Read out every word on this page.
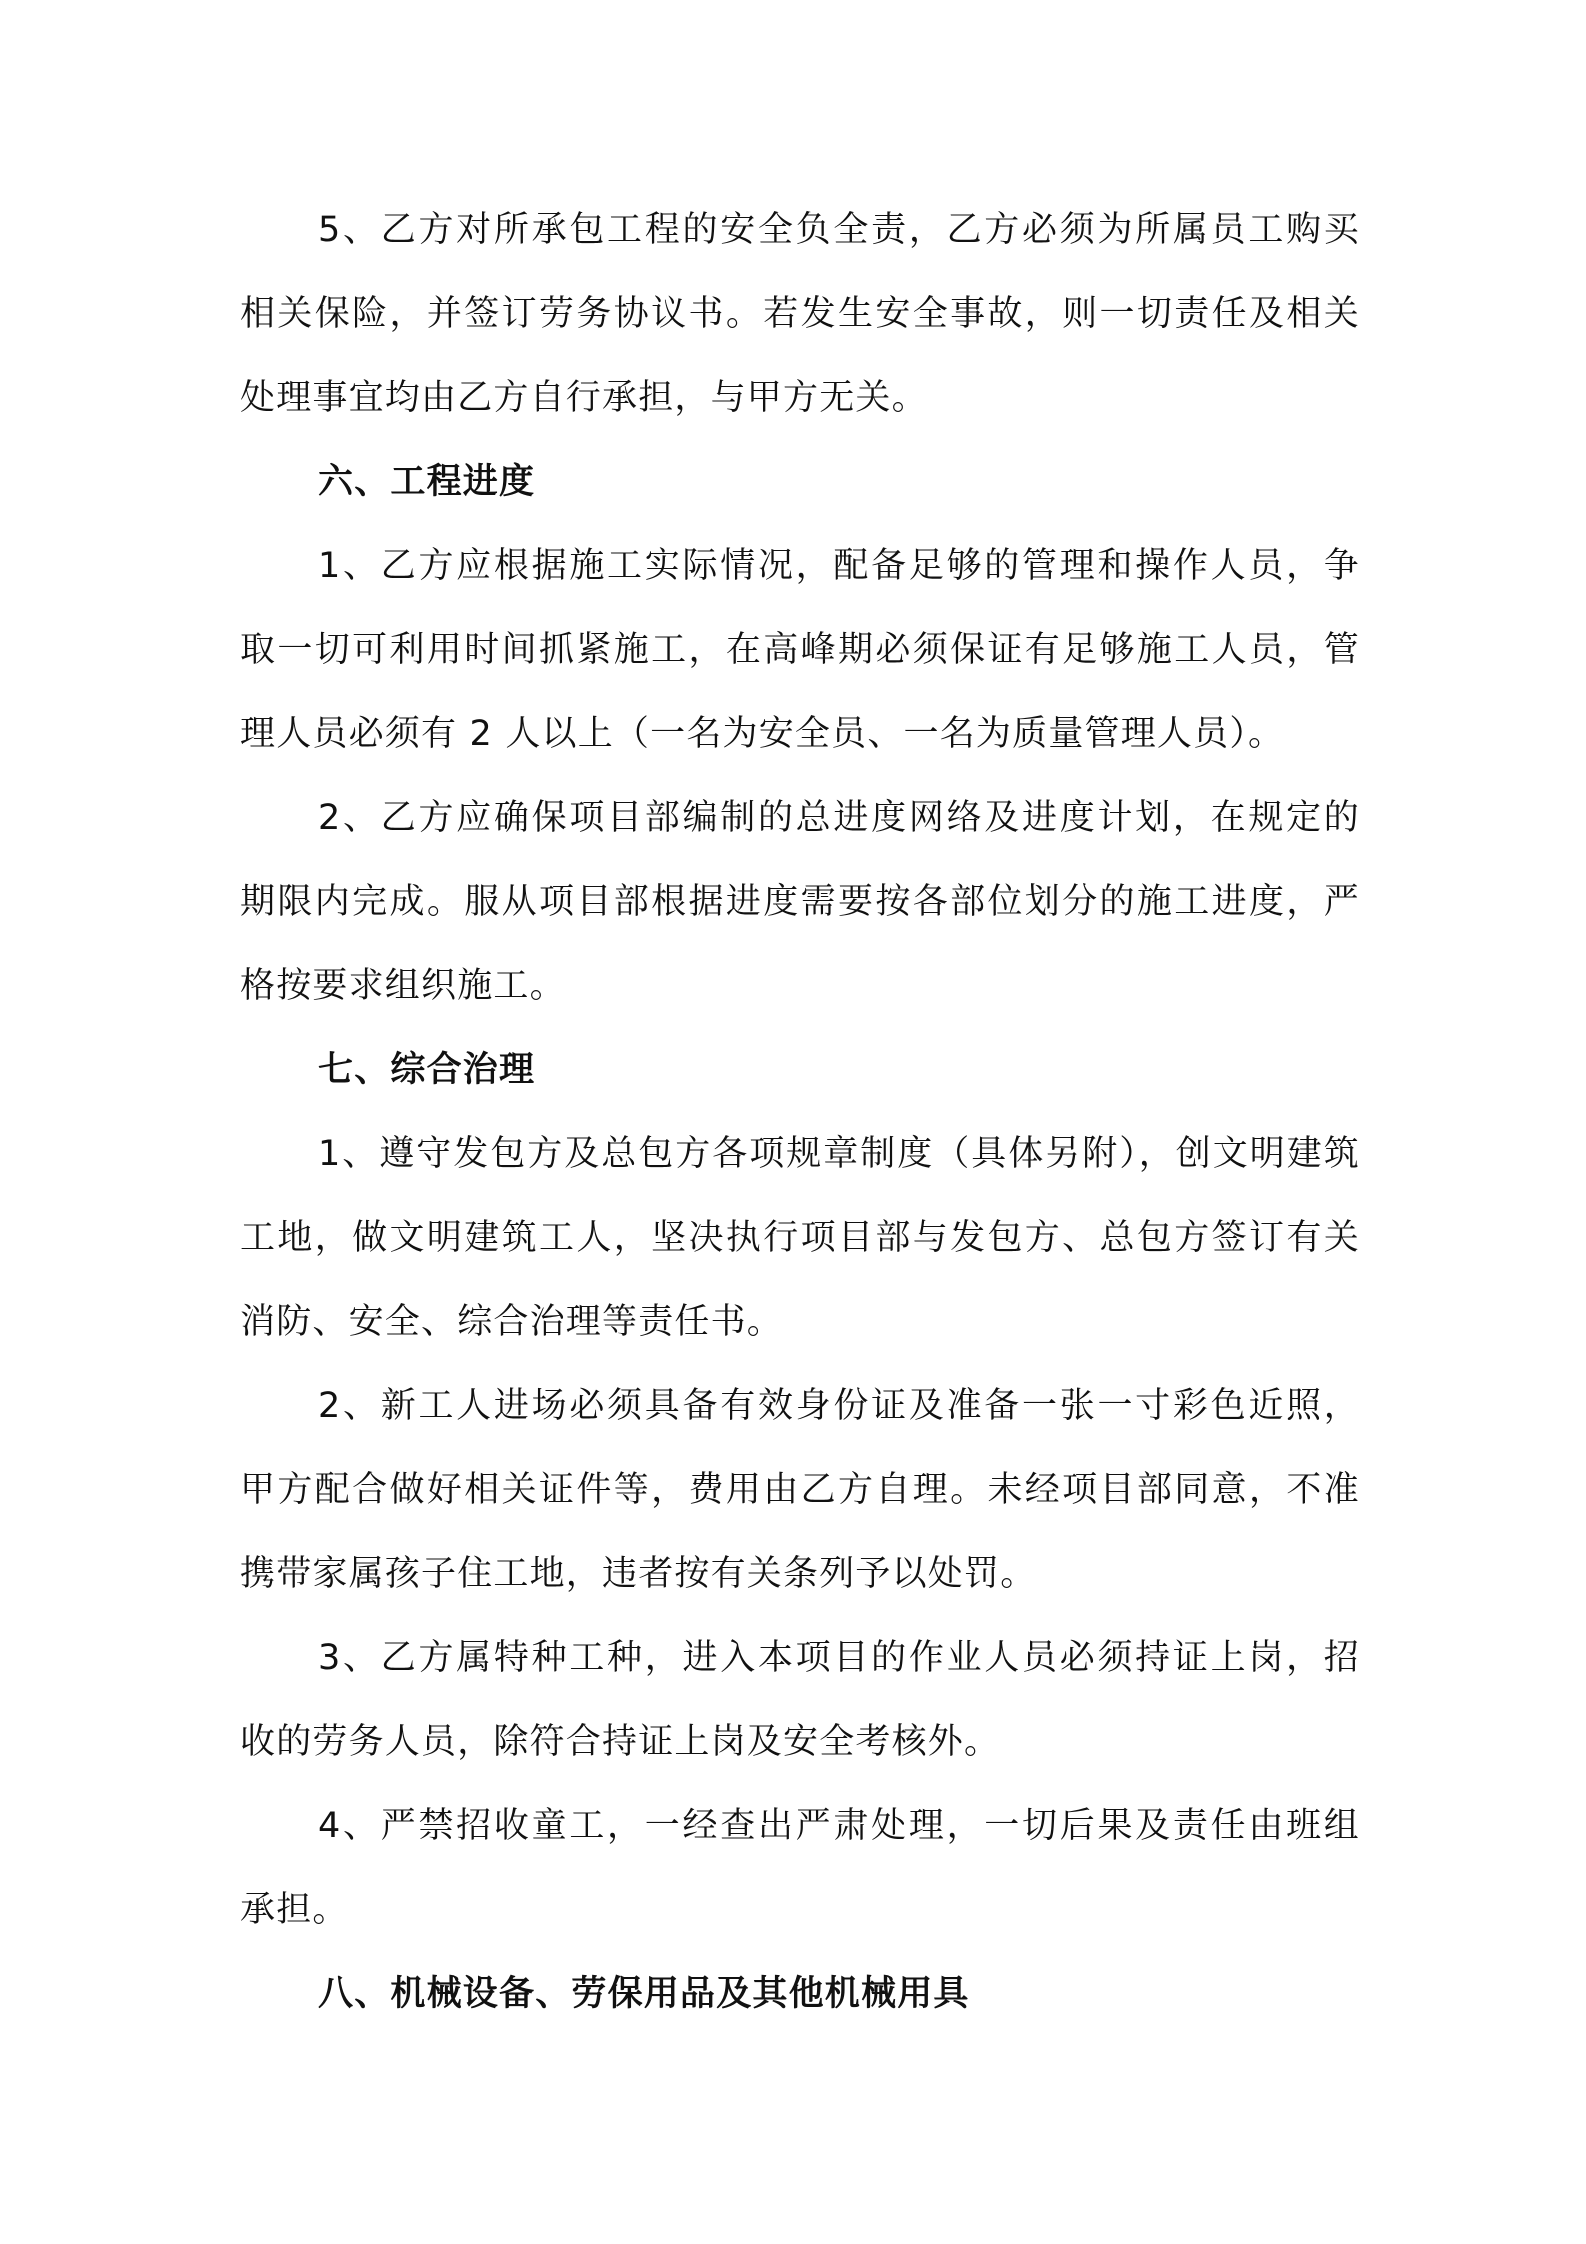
5、乙方对所承包工程的安全负全责，乙方必须为所属员工购买
相关保险，并签订劳务协议书。若发生安全事故，则一切责任及相关
处理事宜均由乙方自行承担，与甲方无关。
六、工程进度
1、乙方应根据施工实际情况，配备足够的管理和操作人员，争
取一切可利用时间抓紧施工，在高峰期必须保证有足够施工人员，管
理人员必须有 2 人以上（一名为安全员、一名为质量管理人员）。
2、乙方应确保项目部编制的总进度网络及进度计划，在规定的
期限内完成。服从项目部根据进度需要按各部位划分的施工进度，严
格按要求组织施工。
七、综合治理
1、遵守发包方及总包方各项规章制度（具体另附），创文明建筑
工地，做文明建筑工人，坚决执行项目部与发包方、总包方签订有关
消防、安全、综合治理等责任书。
2、新工人进场必须具备有效身份证及准备一张一寸彩色近照，
甲方配合做好相关证件等，费用由乙方自理。未经项目部同意，不准
携带家属孩子住工地，违者按有关条列予以处罚。
3、乙方属特种工种，进入本项目的作业人员必须持证上岗，招
收的劳务人员，除符合持证上岗及安全考核外。
4、严禁招收童工，一经查出严肃处理，一切后果及责任由班组
承担。
八、机械设备、劳保用品及其他机械用具
